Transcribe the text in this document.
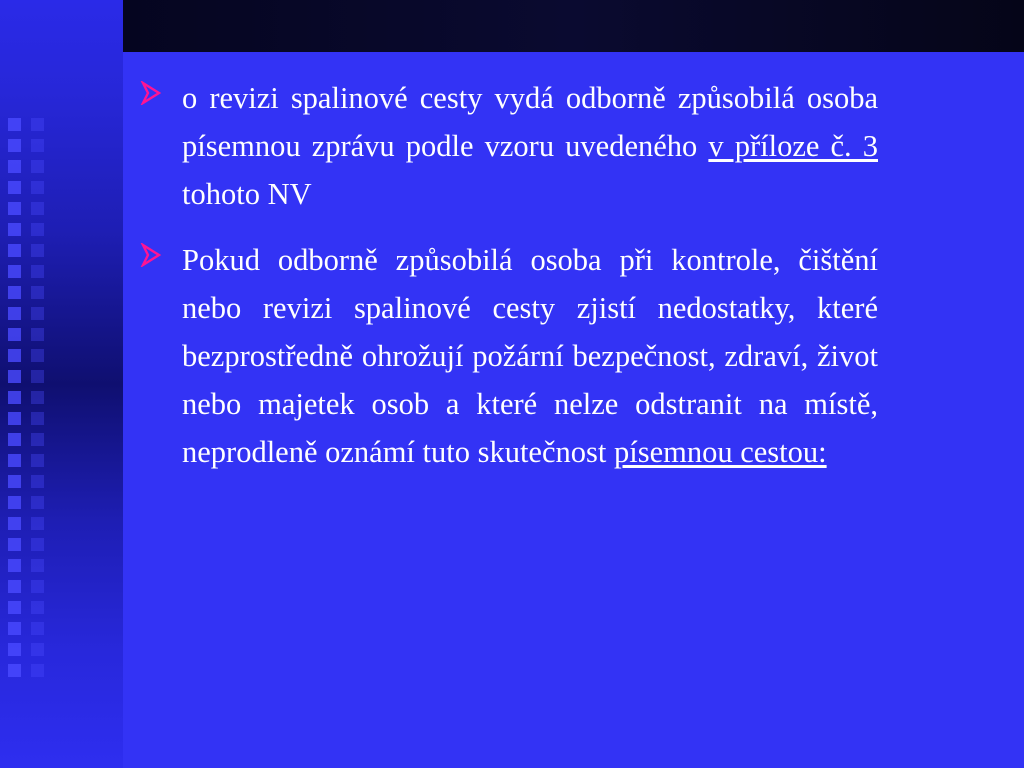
o revizi spalinové cesty vydá odborně způsobilá osoba písemnou zprávu podle vzoru uvedeného v příloze č. 3 tohoto NV
Pokud odborně způsobilá osoba při kontrole, čištění nebo revizi spalinové cesty zjistí nedostatky, které bezprostředně ohrožují požární bezpečnost, zdraví, život nebo majetek osob a které nelze odstranit na místě, neprodleně oznámí tuto skutečnost písemnou cestou:
